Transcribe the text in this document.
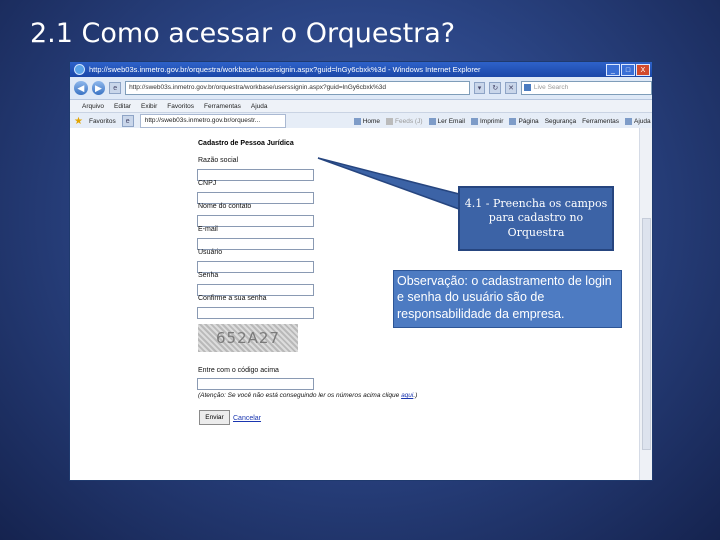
2.1 Como acessar o Orquestra?
http://sweb03s.inmetro.gov.br/orquestra/workbase/usuersignin.aspx?guid=lnGy6cbxk%3d - Windows Internet Explorer	_	□	X
◀	▶	e	http://sweb03s.inmetro.gov.br/orquestra/workbase/userssignin.aspx?guid=lnGy6cbxk%3d	▾	↻	✕	Live Search
Arquivo Editar Exibir Favoritos Ferramentas Ajuda
★ Favoritos	e	http://sweb03s.inmetro.gov.br/orquestr...	Home Feeds (J) Ler Email Imprimir Página Segurança Ferramentas Ajuda
Cadastro de Pessoa Jurídica
Razão social
CNPJ
Nome do contato
E-mail
Usuário
Senha
Confirme a sua senha
652A27
Entre com o código acima
(Atenção: Se você não está conseguindo ler os números acima clique aqui.)
Enviar	Cancelar
4.1 - Preencha os campos para cadastro no Orquestra
Observação: o cadastramento de login e senha do usuário são de responsabilidade da empresa.
